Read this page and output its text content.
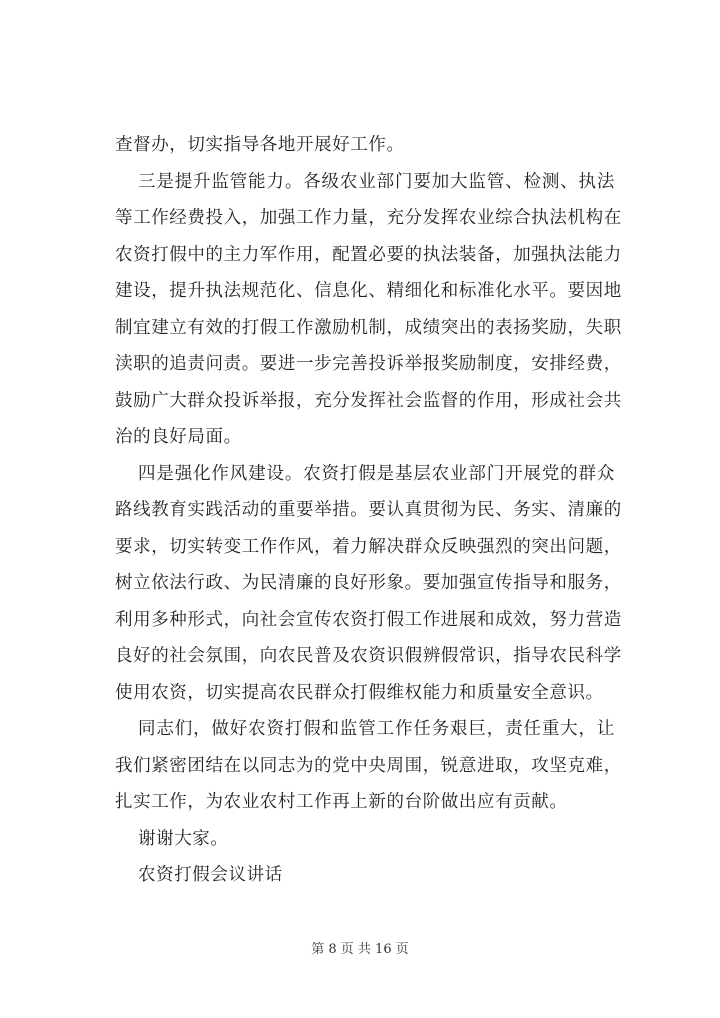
查督办，切实指导各地开展好工作。
三是提升监管能力。各级农业部门要加大监管、检测、执法
等工作经费投入，加强工作力量，充分发挥农业综合执法机构在
农资打假中的主力军作用，配置必要的执法装备，加强执法能力
建设，提升执法规范化、信息化、精细化和标准化水平。要因地
制宜建立有效的打假工作激励机制，成绩突出的表扬奖励，失职
渎职的追责问责。要进一步完善投诉举报奖励制度，安排经费，
鼓励广大群众投诉举报，充分发挥社会监督的作用，形成社会共
治的良好局面。
四是强化作风建设。农资打假是基层农业部门开展党的群众
路线教育实践活动的重要举措。要认真贯彻为民、务实、清廉的
要求，切实转变工作作风，着力解决群众反映强烈的突出问题，
树立依法行政、为民清廉的良好形象。要加强宣传指导和服务，
利用多种形式，向社会宣传农资打假工作进展和成效，努力营造
良好的社会氛围，向农民普及农资识假辨假常识，指导农民科学
使用农资，切实提高农民群众打假维权能力和质量安全意识。
同志们，做好农资打假和监管工作任务艰巨，责任重大，让
我们紧密团结在以同志为的党中央周围，锐意进取，攻坚克难，
扎实工作，为农业农村工作再上新的台阶做出应有贡献。
谢谢大家。
农资打假会议讲话
第 8 页 共 16 页
